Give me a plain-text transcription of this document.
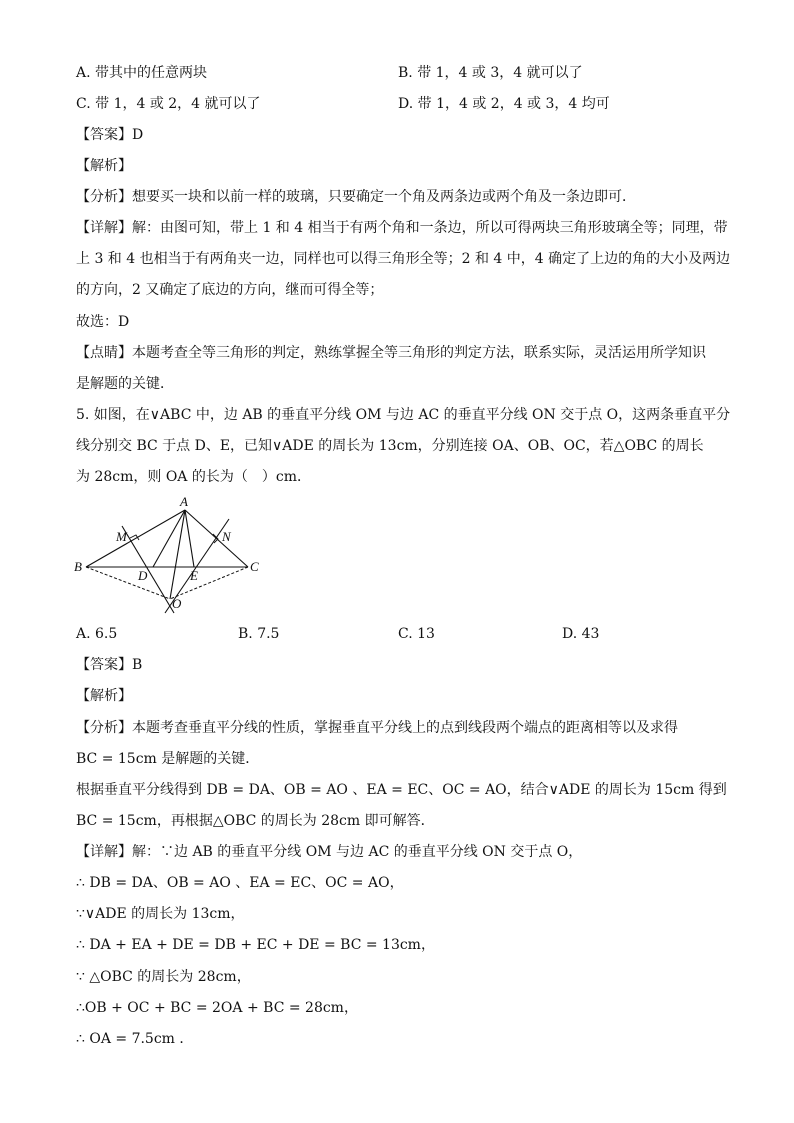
A. 带其中的任意两块	B. 带 1，4 或 3，4 就可以了
C. 带 1，4 或 2，4 就可以了	D. 带 1，4 或 2，4 或 3，4 均可
【答案】D
【解析】
【分析】想要买一块和以前一样的玻璃，只要确定一个角及两条边或两个角及一条边即可．
【详解】解：由图可知，带上 1 和 4 相当于有两个角和一条边，所以可得两块三角形玻璃全等；同理，带
上 3 和 4 也相当于有两角夹一边，同样也可以得三角形全等；2 和 4 中，4 确定了上边的角的大小及两边
的方向，2 又确定了底边的方向，继而可得全等；
故选：D
【点睛】本题考查全等三角形的判定，熟练掌握全等三角形的判定方法，联系实际，灵活运用所学知识
是解题的关键．
5. 如图，在∨ABC 中，边 AB 的垂直平分线 OM 与边 AC 的垂直平分线 ON 交于点 O，这两条垂直平分
线分别交 BC 于点 D、E，已知∨ADE 的周长为 13cm，分别连接 OA、OB、OC，若△OBC 的周长
为 28cm，则 OA 的长为（　）cm．
A
B	C
M	N
D	E
O
A. 6.5	B. 7.5	C. 13	D. 43
【答案】B
【解析】
【分析】本题考查垂直平分线的性质，掌握垂直平分线上的点到线段两个端点的距离相等以及求得
BC = 15cm 是解题的关键．
根据垂直平分线得到 DB = DA、OB = AO 、EA = EC、OC = AO，结合∨ADE 的周长为 15cm 得到
BC = 15cm，再根据△OBC 的周长为 28cm 即可解答．
【详解】解：∵边 AB 的垂直平分线 OM 与边 AC 的垂直平分线 ON 交于点 O，
∴ DB = DA、OB = AO 、EA = EC、OC = AO，
∵∨ADE 的周长为 13cm，
∴ DA + EA + DE = DB + EC + DE = BC = 13cm，
∵ △OBC 的周长为 28cm，
∴OB + OC + BC = 2OA + BC = 28cm，
∴ OA = 7.5cm ．
